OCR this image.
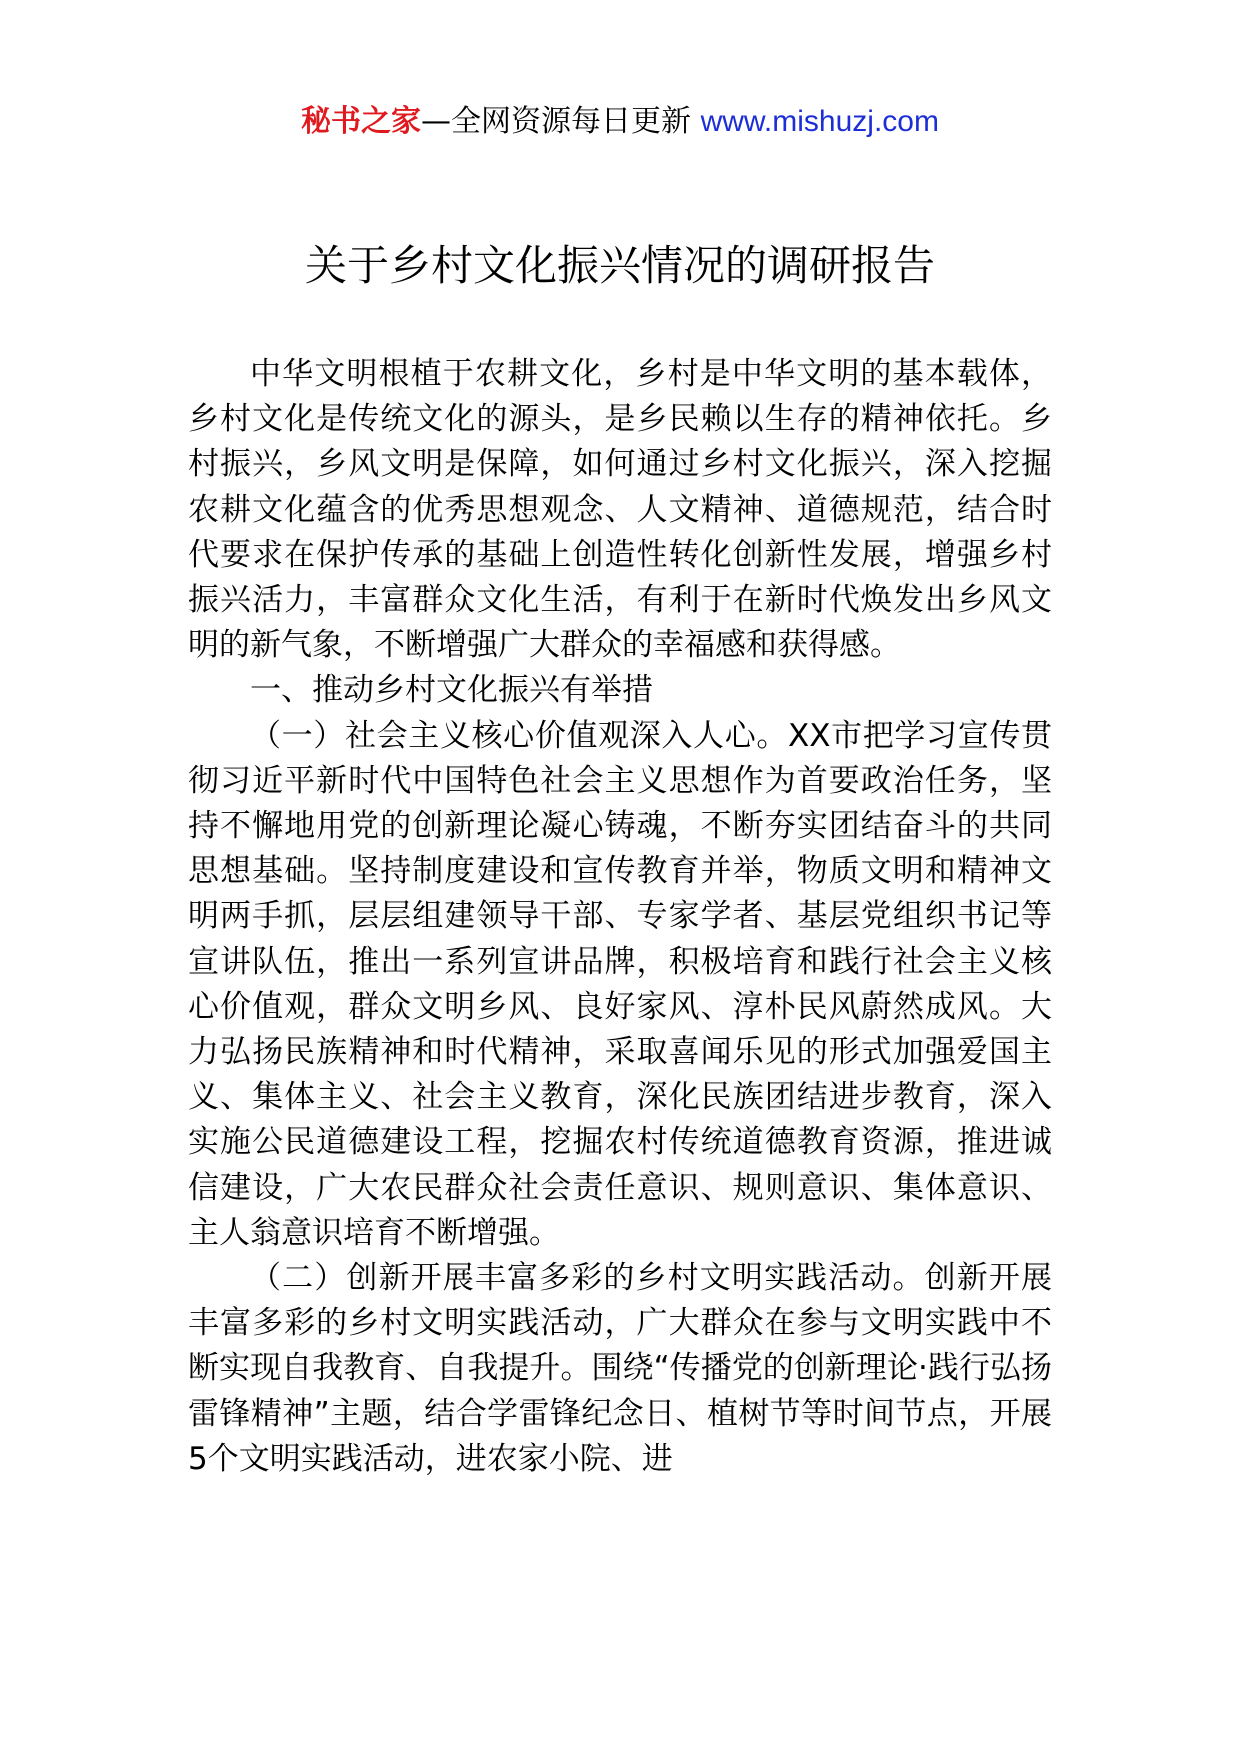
秘书之家—全网资源每日更新 www.mishuzj.com
关于乡村文化振兴情况的调研报告

中华文明根植于农耕文化，乡村是中华文明的基本载体，乡村文化是传统文化的源头，是乡民赖以生存的精神依托。乡村振兴，乡风文明是保障，如何通过乡村文化振兴，深入挖掘农耕文化蕴含的优秀思想观念、人文精神、道德规范，结合时代要求在保护传承的基础上创造性转化创新性发展，增强乡村振兴活力，丰富群众文化生活，有利于在新时代焕发出乡风文明的新气象，不断增强广大群众的幸福感和获得感。

一、推动乡村文化振兴有举措

（一）社会主义核心价值观深入人心。XX市把学习宣传贯彻习近平新时代中国特色社会主义思想作为首要政治任务，坚持不懈地用党的创新理论凝心铸魂，不断夯实团结奋斗的共同思想基础。坚持制度建设和宣传教育并举，物质文明和精神文明两手抓，层层组建领导干部、专家学者、基层党组织书记等宣讲队伍，推出一系列宣讲品牌，积极培育和践行社会主义核心价值观，群众文明乡风、良好家风、淳朴民风蔚然成风。大力弘扬民族精神和时代精神，采取喜闻乐见的形式加强爱国主义、集体主义、社会主义教育，深化民族团结进步教育，深入实施公民道德建设工程，挖掘农村传统道德教育资源，推进诚信建设，广大农民群众社会责任意识、规则意识、集体意识、主人翁意识培育不断增强。

（二）创新开展丰富多彩的乡村文明实践活动。创新开展丰富多彩的乡村文明实践活动，广大群众在参与文明实践中不断实现自我教育、自我提升。围绕“传播党的创新理论·践行弘扬雷锋精神”主题，结合学雷锋纪念日、植树节等时间节点，开展5个文明实践活动，进农家小院、进
